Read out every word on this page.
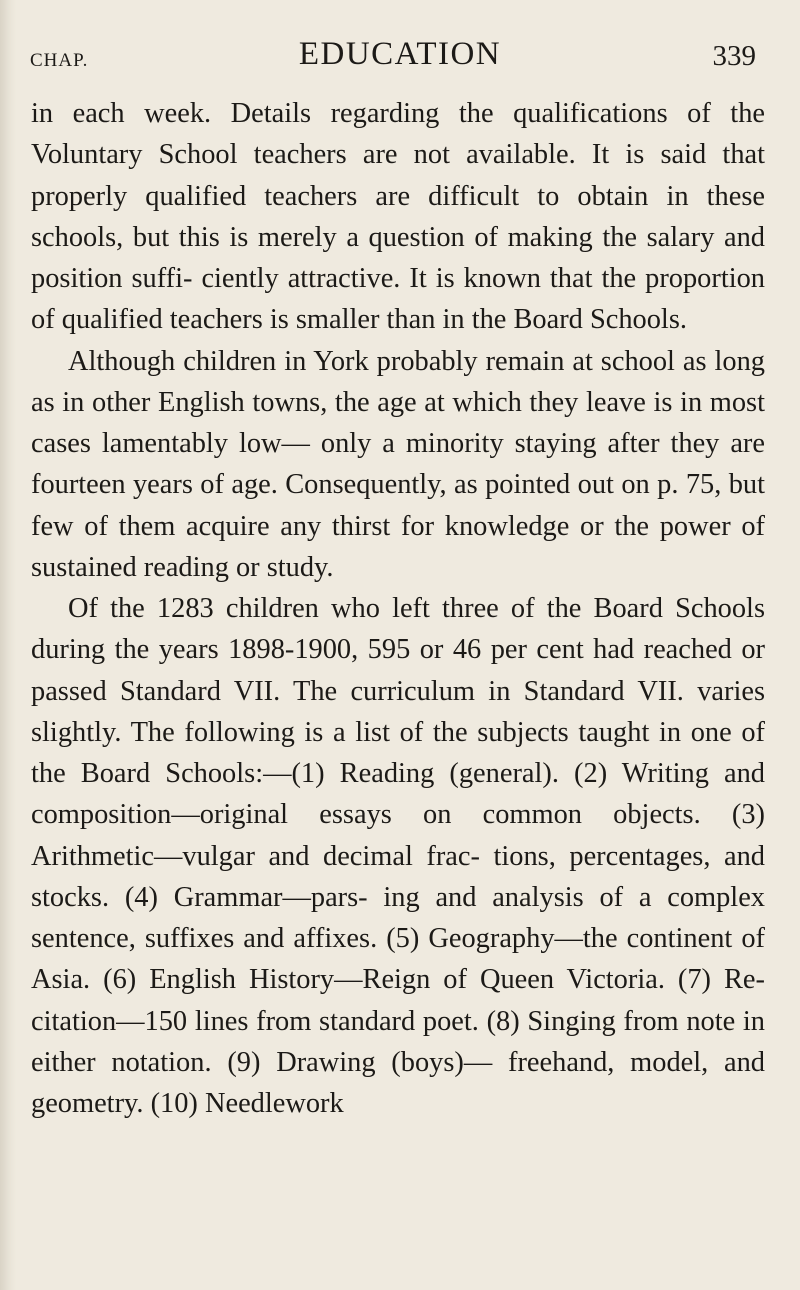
CHAP.	EDUCATION	339

in each week. Details regarding the qualifications of the Voluntary School teachers are not available. It is said that properly qualified teachers are difficult to obtain in these schools, but this is merely a question of making the salary and position suffi- ciently attractive. It is known that the proportion of qualified teachers is smaller than in the Board Schools.

Although children in York probably remain at school as long as in other English towns, the age at which they leave is in most cases lamentably low— only a minority staying after they are fourteen years of age. Consequently, as pointed out on p. 75, but few of them acquire any thirst for knowledge or the power of sustained reading or study.

Of the 1283 children who left three of the Board Schools during the years 1898-1900, 595 or 46 per cent had reached or passed Standard VII. The curriculum in Standard VII. varies slightly. The following is a list of the subjects taught in one of the Board Schools:—(1) Reading (general). (2) Writing and composition—original essays on common objects. (3) Arithmetic—vulgar and decimal frac- tions, percentages, and stocks. (4) Grammar—pars- ing and analysis of a complex sentence, suffixes and affixes. (5) Geography—the continent of Asia. (6) English History—Reign of Queen Victoria. (7) Re- citation—150 lines from standard poet. (8) Singing from note in either notation. (9) Drawing (boys)— freehand, model, and geometry. (10) Needlework
